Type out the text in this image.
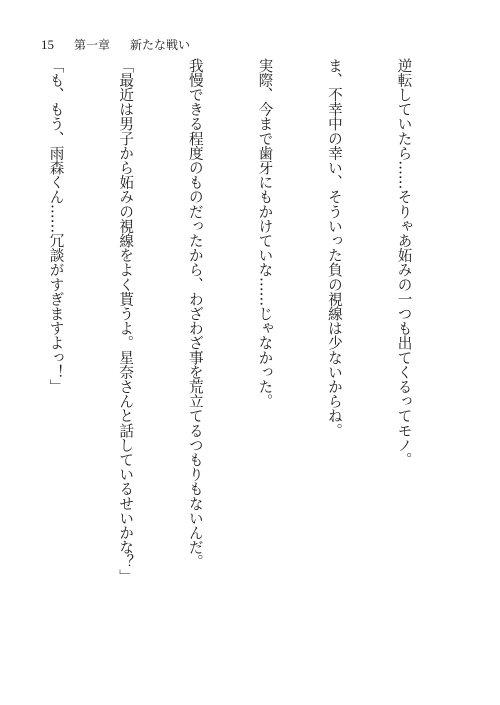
15 第一章 新たな戦い

逆転していたら……そりゃあ妬みの一つも出てくるってモノ。

ま、不幸中の幸い、そういった負の視線は少ないからね。

実際、今まで歯牙にもかけていな……じゃなかった。

我慢できる程度のものだったから、わざわざ事を荒立てるつもりもないんだ。

「最近は男子から妬みの視線をよく貰うよ。星奈さんと話しているせいかな？」

「も、もう、雨森くん……冗談がすぎますよっ！」
